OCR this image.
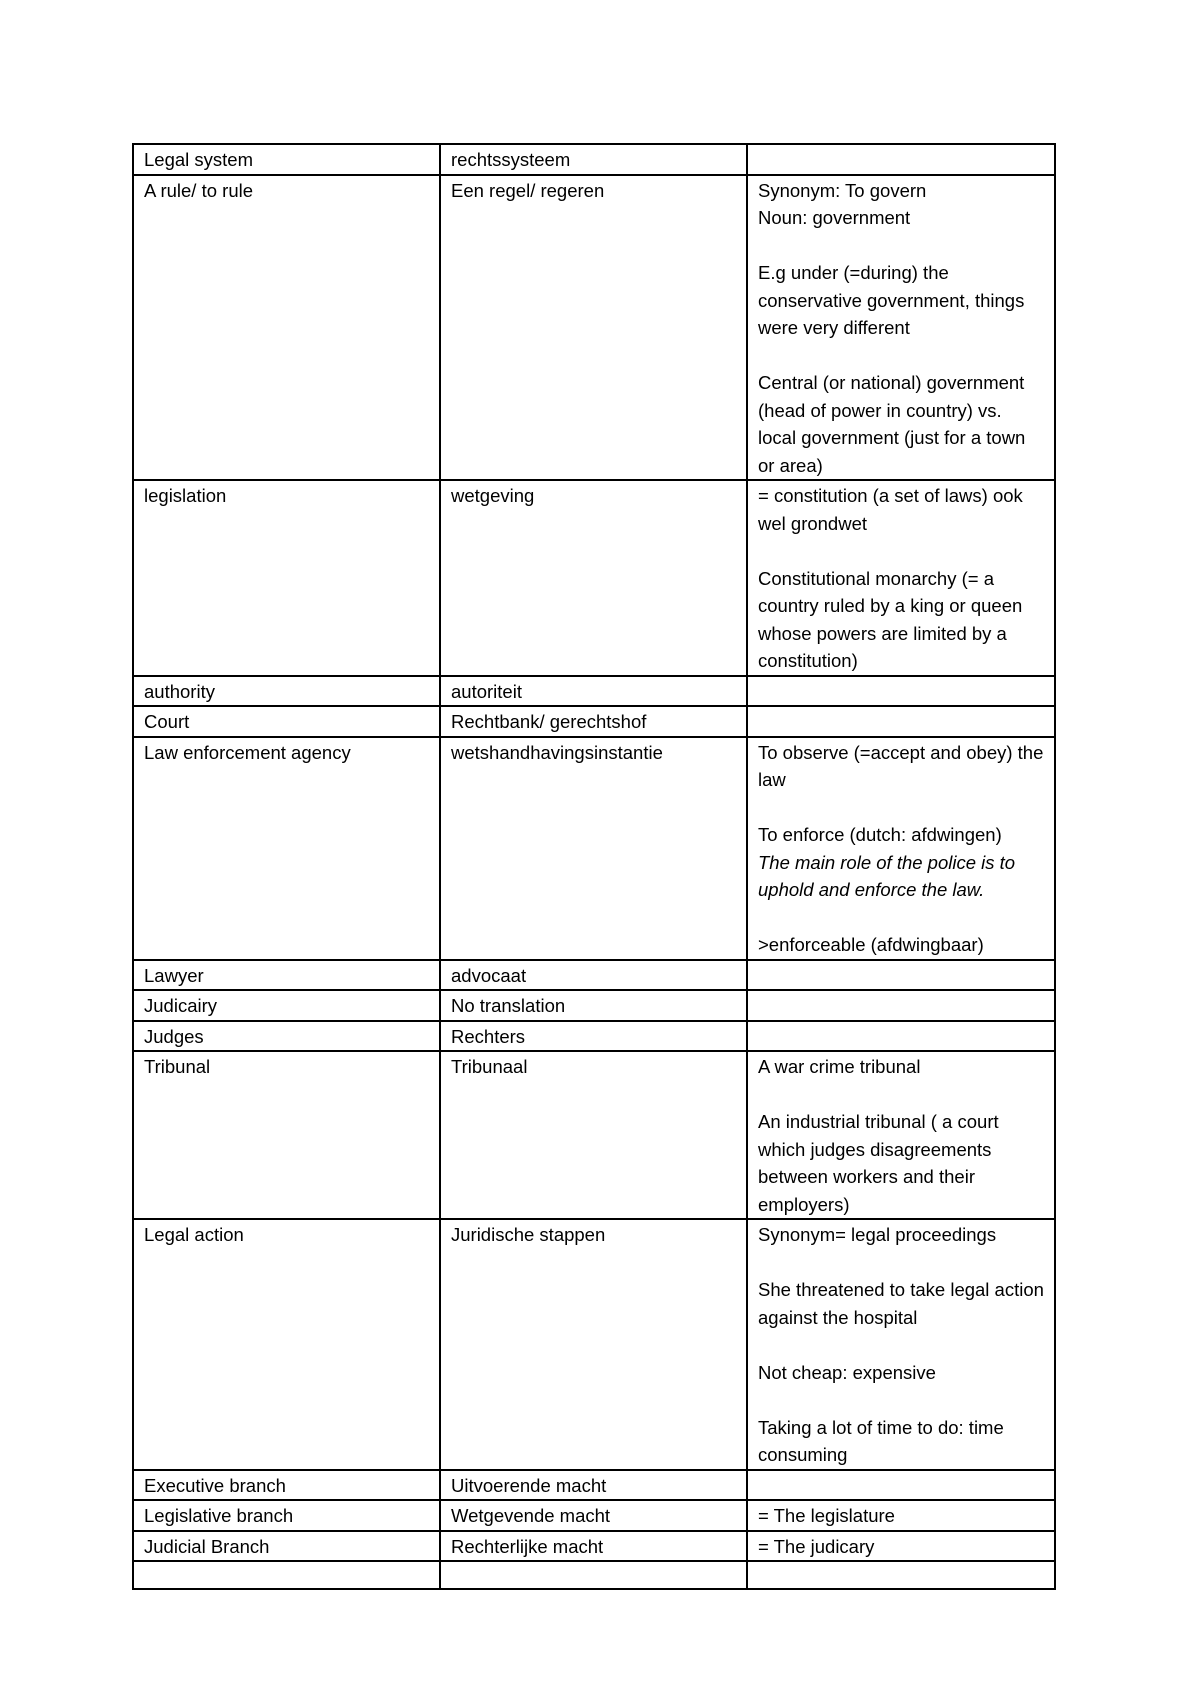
Legal system	rechtssysteem	
A rule/ to rule	Een regel/ regeren	Synonym: To govern
Noun: government

E.g under (=during) the conservative government, things were very different

Central (or national) government (head of power in country) vs. local government (just for a town or area)
legislation	wetgeving	= constitution (a set of laws) ook wel grondwet

Constitutional monarchy (= a country ruled by a king or queen whose powers are limited by a constitution)
authority	autoriteit	
Court	Rechtbank/ gerechtshof	
Law enforcement agency	wetshandhavingsinstantie	To observe (=accept and obey) the law

To enforce (dutch: afdwingen)
The main role of the police is to uphold and enforce the law.

>enforceable (afdwingbaar)
Lawyer	advocaat	
Judicairy	No translation	
Judges	Rechters	
Tribunal	Tribunaal	A war crime tribunal

An industrial tribunal ( a court which judges disagreements between workers and their employers)
Legal action	Juridische stappen	Synonym= legal proceedings

She threatened to take legal action against the hospital

Not cheap: expensive

Taking a lot of time to do: time consuming
Executive branch	Uitvoerende macht	
Legislative branch	Wetgevende macht	= The legislature
Judicial Branch	Rechterlijke macht	= The judicary
